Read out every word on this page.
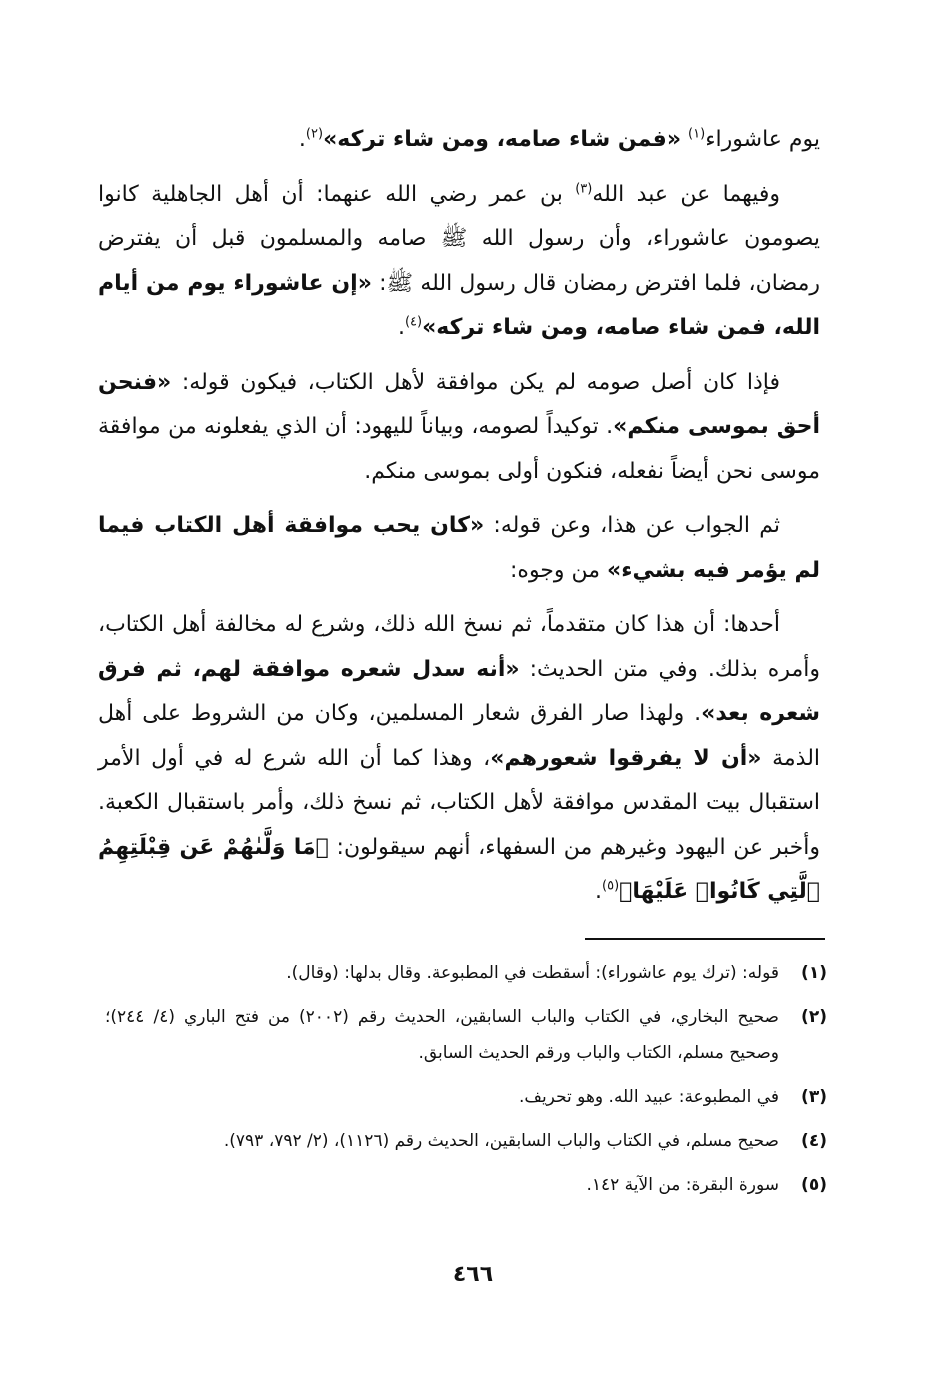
يوم عاشوراء$^{(١)}$ «فمن شاء صامه، ومن شاء تركه»$^{(٢)}$.

وفيهما عن عبد الله$^{(٣)}$ بن عمر رضي الله عنهما: أن أهل الجاهلية كانوا يصومون عاشوراء، وأن رسول الله ﷺ صامه والمسلمون قبل أن يفترض رمضان، فلما افترض رمضان قال رسول الله ﷺ: «إن عاشوراء يوم من أيام الله، فمن شاء صامه، ومن شاء تركه»$^{(٤)}$.

فإذا كان أصل صومه لم يكن موافقة لأهل الكتاب، فيكون قوله: «فنحن أحق بموسى منكم». توكيداً لصومه، وبياناً لليهود: أن الذي يفعلونه من موافقة موسى نحن أيضاً نفعله، فنكون أولى بموسى منكم.

ثم الجواب عن هذا، وعن قوله: «كان يحب موافقة أهل الكتاب فيما لم يؤمر فيه بشيء» من وجوه:

أحدها: أن هذا كان متقدماً، ثم نسخ الله ذلك، وشرع له مخالفة أهل الكتاب، وأمره بذلك. وفي متن الحديث: «أنه سدل شعره موافقة لهم، ثم فرق شعره بعد». ولهذا صار الفرق شعار المسلمين، وكان من الشروط على أهل الذمة «أن لا يفرقوا شعورهم»، وهذا كما أن الله شرع له في أول الأمر استقبال بيت المقدس موافقة لأهل الكتاب، ثم نسخ ذلك، وأمر باستقبال الكعبة. وأخبر عن اليهود وغيرهم من السفهاء، أنهم سيقولون: ﴿مَا وَلَّىٰهُمْ عَن قِبْلَتِهِمُ ٱلَّتِي كَانُوا۟ عَلَيْهَا﴾$^{(٥)}$.

(١)
قوله: (ترك يوم عاشوراء): أسقطت في المطبوعة. وقال بدلها: (وقال).
(٢)
صحيح البخاري، في الكتاب والباب السابقين، الحديث رقم (٢٠٠٢) من فتح الباري (٤/ ٢٤٤)؛ وصحيح مسلم، الكتاب والباب ورقم الحديث السابق.
(٣)
في المطبوعة: عبيد الله. وهو تحريف.
(٤)
صحيح مسلم، في الكتاب والباب السابقين، الحديث رقم (١١٢٦)، (٢/ ٧٩٢، ٧٩٣).
(٥)
سورة البقرة: من الآية ١٤٢.
٤٦٦
